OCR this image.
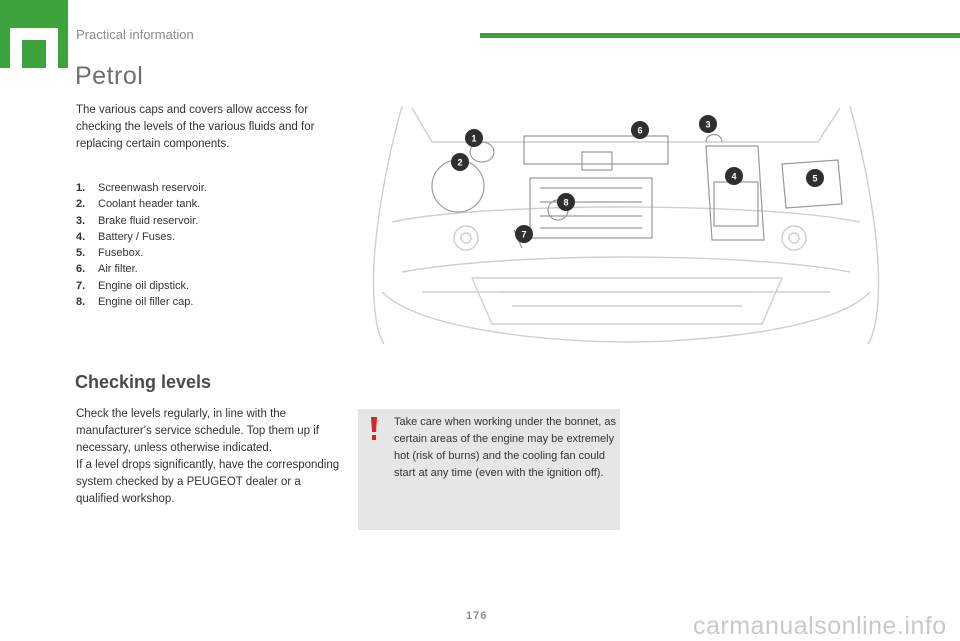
Practical information
Petrol

The various caps and covers allow access for checking the levels of the various fluids and for replacing certain components.

1.	Screenwash reservoir.
2.	Coolant header tank.
3.	Brake fluid reservoir.
4.	Battery / Fuses.
5.	Fusebox.
6.	Air filter.
7.	Engine oil dipstick.
8.	Engine oil filler cap.
1
2
3
4	5
6
7
8
Checking levels

Check the levels regularly, in line with the manufacturer's service schedule. Top them up if necessary, unless otherwise indicated.
If a level drops significantly, have the corresponding system checked by a PEUGEOT dealer or a qualified workshop.

Take care when working under the bonnet, as certain areas of the engine may be extremely hot (risk of burns) and the cooling fan could start at any time (even with the ignition off).

176	carmanualsonline.info
